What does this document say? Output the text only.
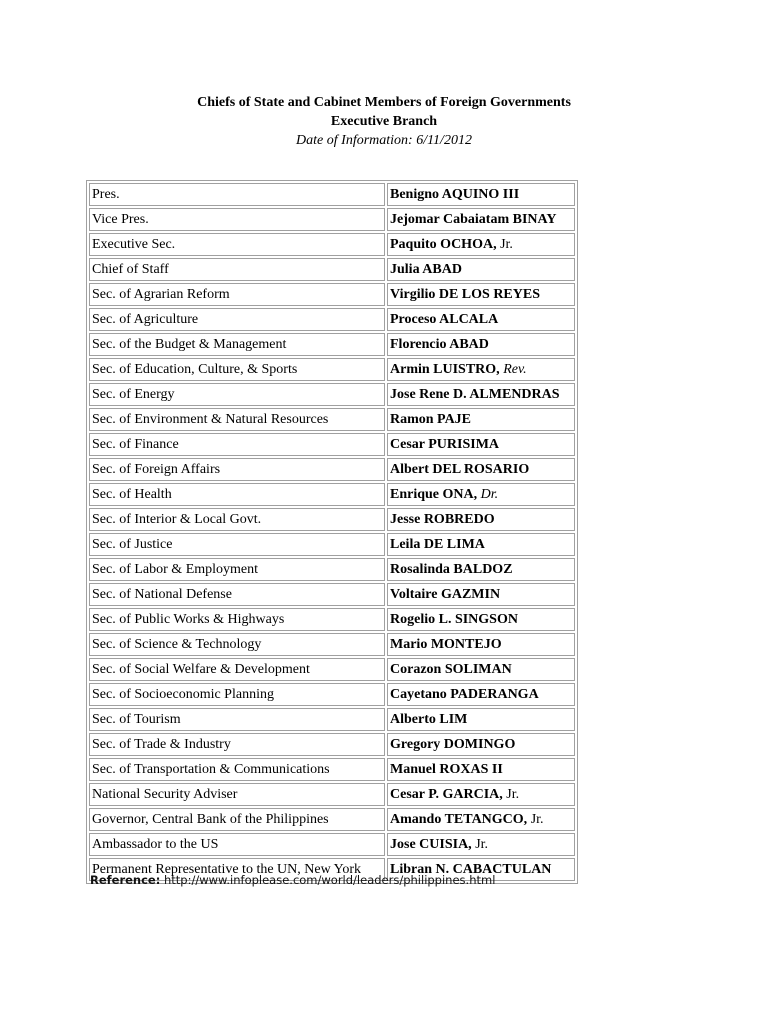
Chiefs of State and Cabinet Members of Foreign Governments
Executive Branch
Date of Information: 6/11/2012
Pres.	Benigno AQUINO III
Vice Pres.	Jejomar Cabaiatam BINAY
Executive Sec.	Paquito OCHOA, Jr.
Chief of Staff	Julia ABAD
Sec. of Agrarian Reform	Virgilio DE LOS REYES
Sec. of Agriculture	Proceso ALCALA
Sec. of the Budget & Management	Florencio ABAD
Sec. of Education, Culture, & Sports	Armin LUISTRO, Rev.
Sec. of Energy	Jose Rene D. ALMENDRAS
Sec. of Environment & Natural Resources	Ramon PAJE
Sec. of Finance	Cesar PURISIMA
Sec. of Foreign Affairs	Albert DEL ROSARIO
Sec. of Health	Enrique ONA, Dr.
Sec. of Interior & Local Govt.	Jesse ROBREDO
Sec. of Justice	Leila DE LIMA
Sec. of Labor & Employment	Rosalinda BALDOZ
Sec. of National Defense	Voltaire GAZMIN
Sec. of Public Works & Highways	Rogelio L. SINGSON
Sec. of Science & Technology	Mario MONTEJO
Sec. of Social Welfare & Development	Corazon SOLIMAN
Sec. of Socioeconomic Planning	Cayetano PADERANGA
Sec. of Tourism	Alberto LIM
Sec. of Trade & Industry	Gregory DOMINGO
Sec. of Transportation & Communications	Manuel ROXAS II
National Security Adviser	Cesar P. GARCIA, Jr.
Governor, Central Bank of the Philippines	Amando TETANGCO, Jr.
Ambassador to the US	Jose CUISIA, Jr.
Permanent Representative to the UN, New York	Libran N. CABACTULAN
Reference: http://www.infoplease.com/world/leaders/philippines.html
